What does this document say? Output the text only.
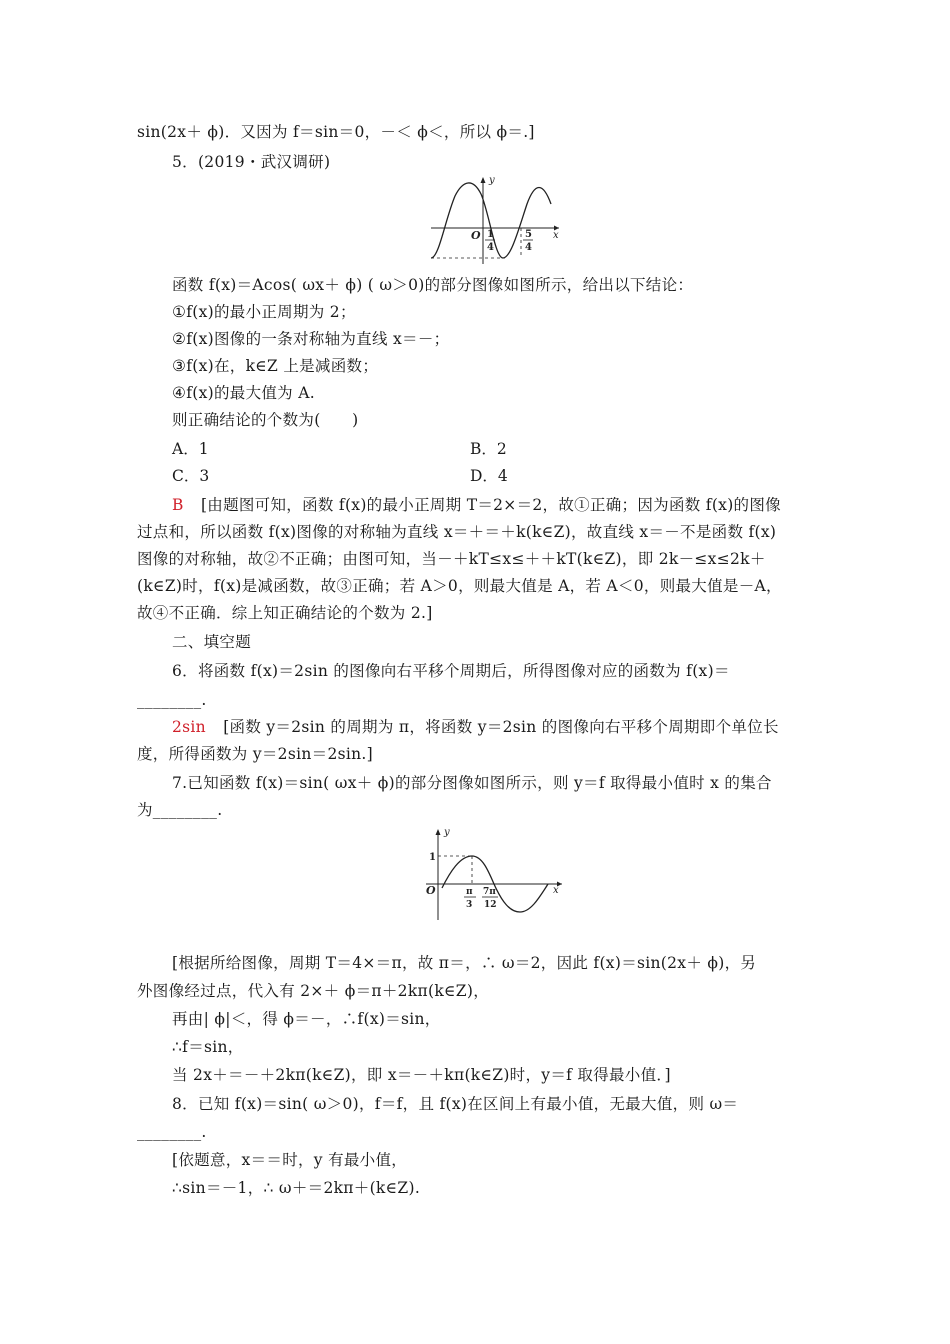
sin(2x＋ ϕ)．又因为 f＝sin＝0，－＜ ϕ＜，所以 ϕ＝.]
5．(2019・武汉调研)
y
x
O 1
4
5
4
函数 f(x)＝Acos( ωx＋ ϕ) ( ω＞0)的部分图像如图所示，给出以下结论：
①f(x)的最小正周期为 2；
②f(x)图像的一条对称轴为直线 x＝－；
③f(x)在，k∈Z 上是减函数；
④f(x)的最大值为 A.
则正确结论的个数为(　　)
A．1	B．2
C．3	D．4
B [由题图可知，函数 f(x)的最小正周期 T＝2×＝2，故①正确；因为函数 f(x)的图像
过点和，所以函数 f(x)图像的对称轴为直线 x＝＋＝＋k(k∈Z)，故直线 x＝－不是函数 f(x)
图像的对称轴，故②不正确；由图可知，当－＋kT≤x≤＋＋kT(k∈Z)，即 2k－≤x≤2k＋
(k∈Z)时，f(x)是减函数，故③正确；若 A＞0，则最大值是 A，若 A＜0，则最大值是－A，
故④不正确．综上知正确结论的个数为 2.]
二、填空题
6．将函数 f(x)＝2sin 的图像向右平移个周期后，所得图像对应的函数为 f(x)＝
________.
2sin [函数 y＝2sin 的周期为 π，将函数 y＝2sin 的图像向右平移个周期即个单位长
度，所得函数为 y＝2sin＝2sin.]
7.已知函数 f(x)＝sin( ωx＋ ϕ)的部分图像如图所示，则 y＝f 取得最小值时 x 的集合
为________.
y
x
O
1
π
3
7π
12
[根据所给图像，周期 T＝4×＝π，故 π＝，∴ ω＝2，因此 f(x)＝sin(2x＋ ϕ)，另
外图像经过点，代入有 2×＋ ϕ＝π＋2kπ(k∈Z)，
再由| ϕ|＜，得 ϕ＝－，∴f(x)＝sin，
∴f＝sin，
当 2x＋＝－＋2kπ(k∈Z)，即 x＝－＋kπ(k∈Z)时，y＝f 取得最小值．]
8．已知 f(x)＝sin( ω＞0)，f＝f，且 f(x)在区间上有最小值，无最大值，则 ω＝
________.
[依题意，x＝＝时，y 有最小值，
∴sin＝－1，∴ ω＋＝2kπ＋(k∈Z).
